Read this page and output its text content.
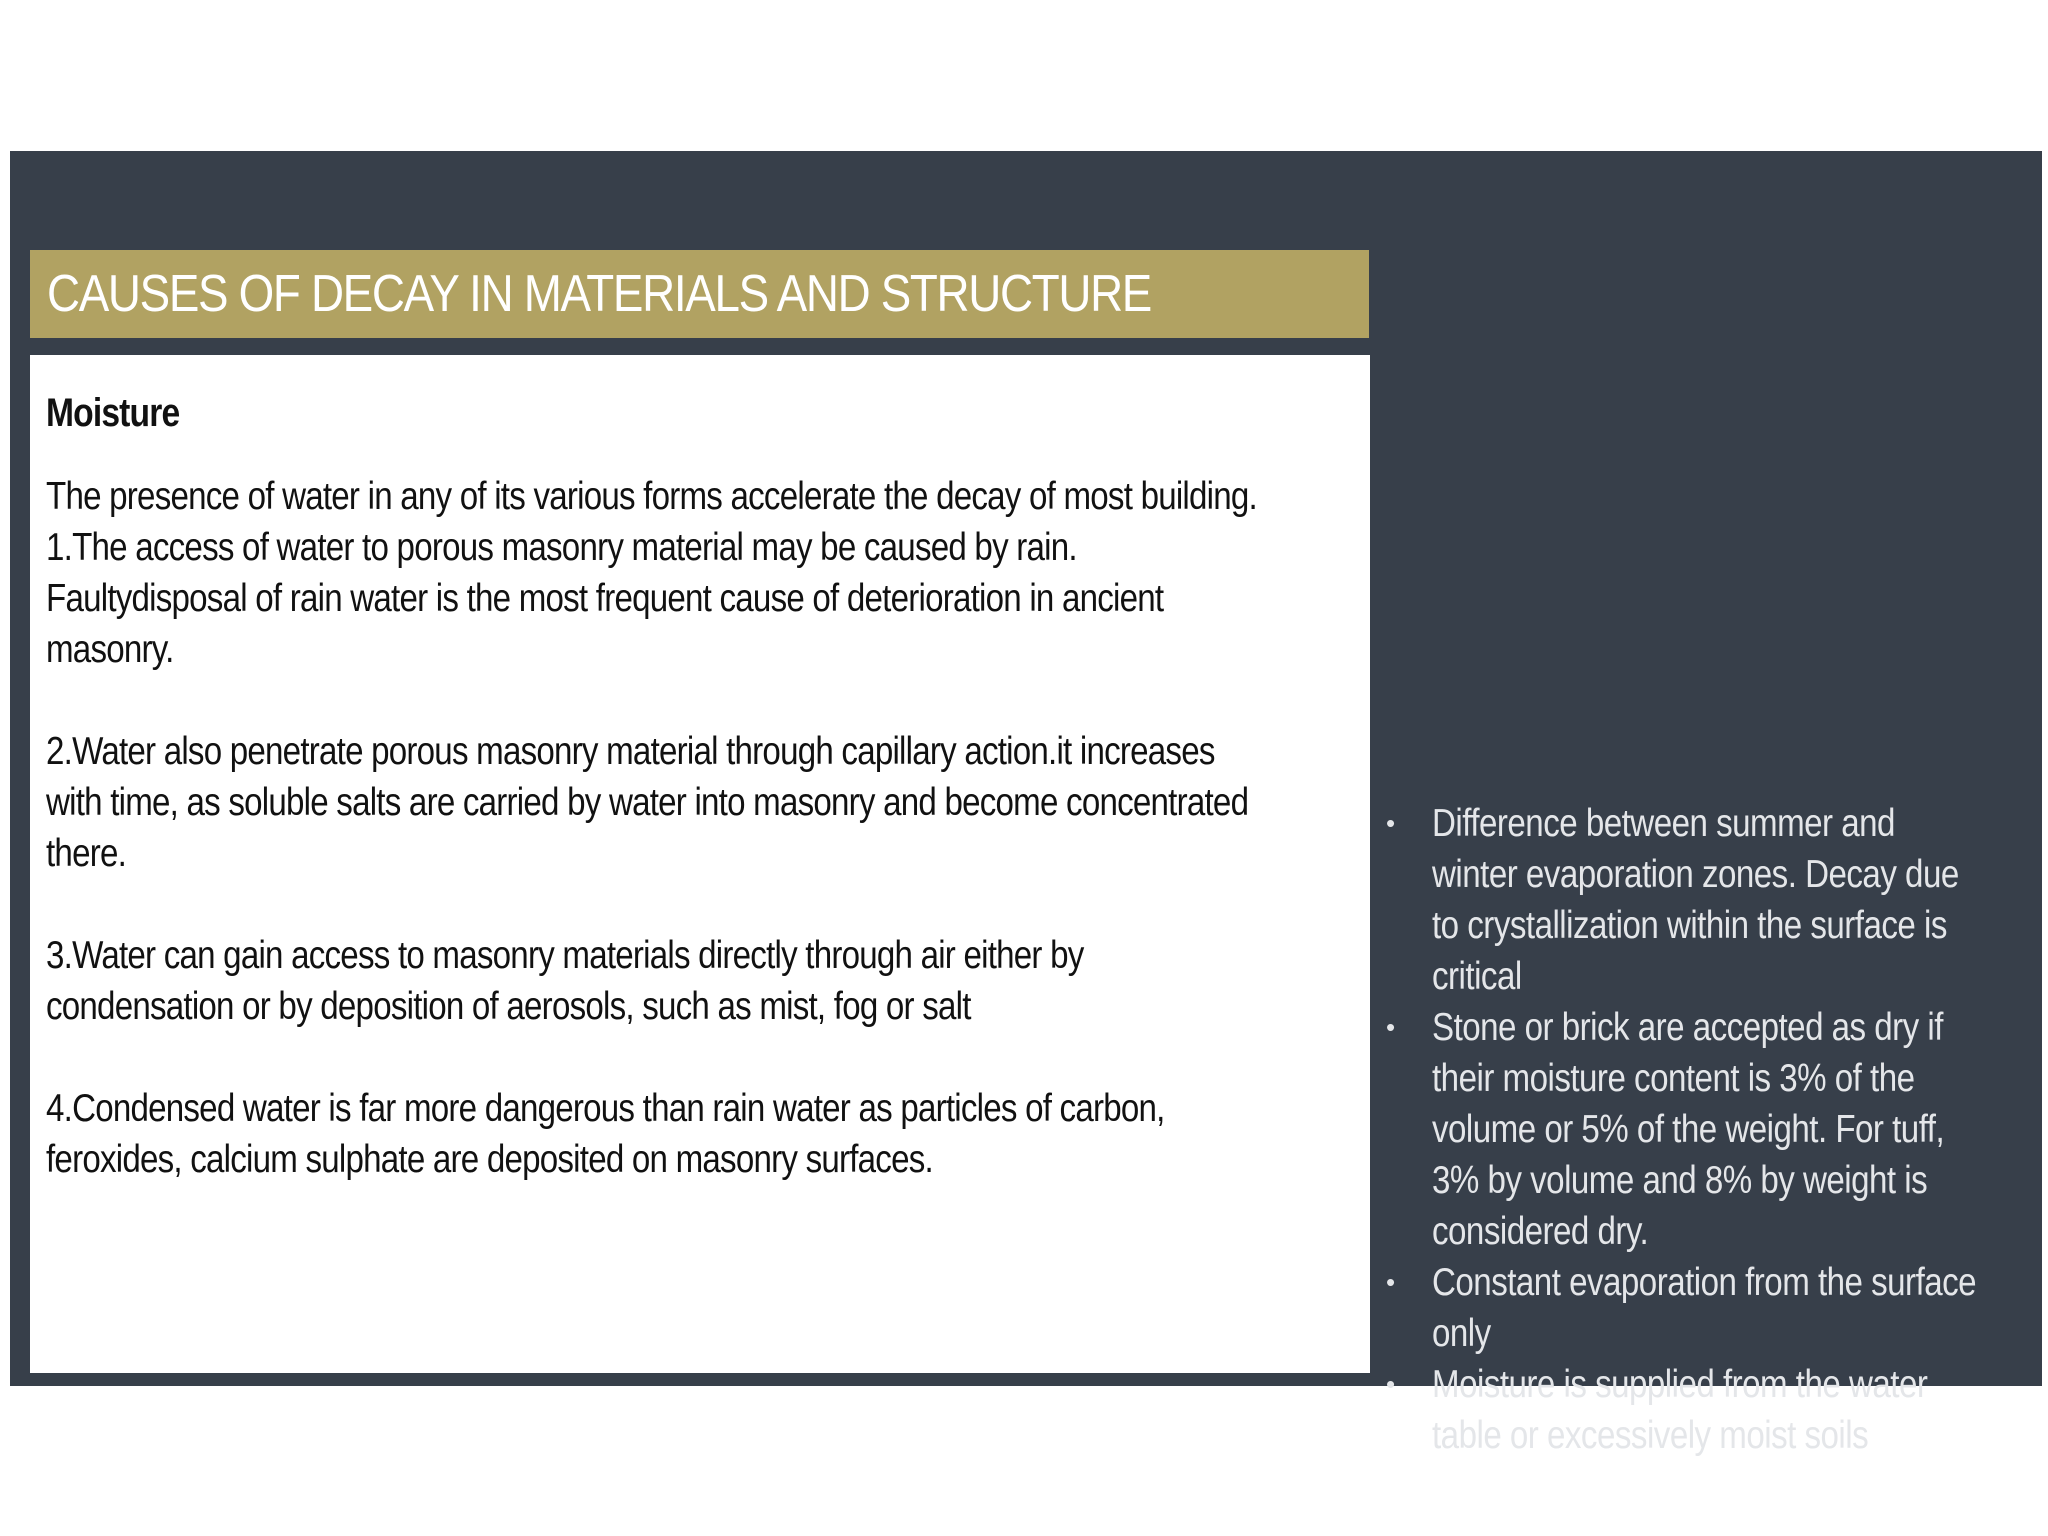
CAUSES OF DECAY IN MATERIALS AND STRUCTURE
Moisture
The presence of water in any of its various forms accelerate the decay of most building.
1.The access of water to porous masonry material may be caused by rain.
Faultydisposal of rain water is the most frequent cause of deterioration in ancient
masonry.
2.Water also penetrate porous masonry material through capillary action.it increases
with time, as soluble salts are carried by water into masonry and become concentrated
there.
3.Water can gain access to masonry materials directly through air either by
condensation or by deposition of aerosols, such as mist, fog or salt
4.Condensed water is far more dangerous than rain water as particles of carbon,
feroxides, calcium sulphate are deposited on masonry surfaces.
• Difference between summer and
winter evaporation zones. Decay due
to crystallization within the surface is
critical
• Stone or brick are accepted as dry if
their moisture content is 3% of the
volume or 5% of the weight. For tuff,
3% by volume and 8% by weight is
considered dry.
• Constant evaporation from the surface
only
• Moisture is supplied from the water
table or excessively moist soils
